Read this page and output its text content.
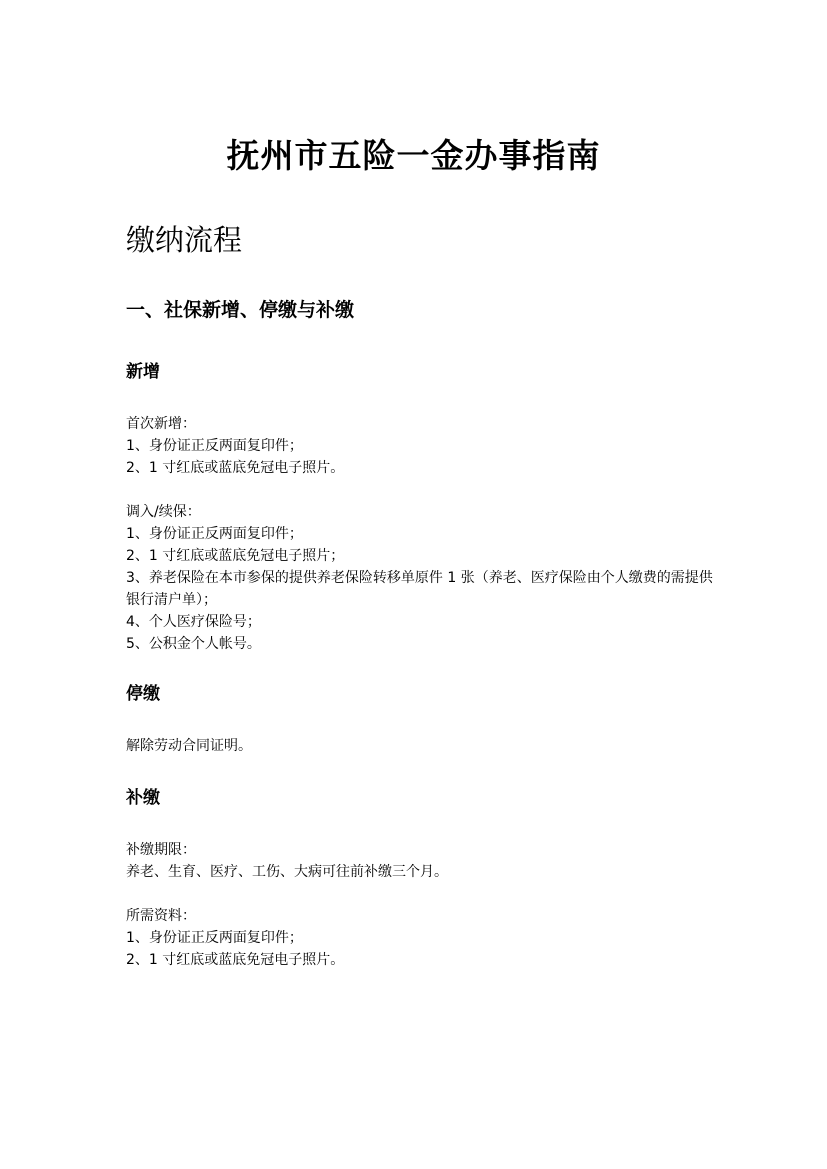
抚州市五险一金办事指南
缴纳流程
一、社保新增、停缴与补缴
新增
首次新增：
1、身份证正反两面复印件；
2、1 寸红底或蓝底免冠电子照片。
调入/续保：
1、身份证正反两面复印件；
2、1 寸红底或蓝底免冠电子照片；
3、养老保险在本市参保的提供养老保险转移单原件 1 张（养老、医疗保险由个人缴费的需提供银行清户单）；
4、个人医疗保险号；
5、公积金个人帐号。
停缴
解除劳动合同证明。
补缴
补缴期限：
养老、生育、医疗、工伤、大病可往前补缴三个月。
所需资料：
1、身份证正反两面复印件；
2、1 寸红底或蓝底免冠电子照片。
